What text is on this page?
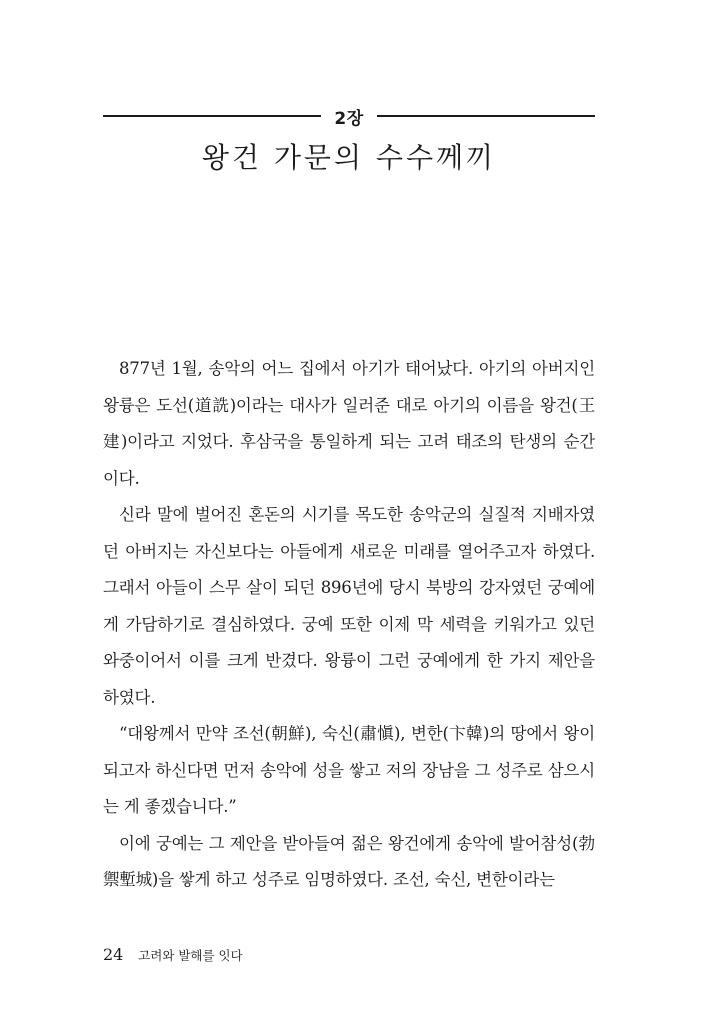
2장
왕건 가문의 수수께끼

877년 1월, 송악의 어느 집에서 아기가 태어났다. 아기의 아버지인 왕륭은 도선(道詵)이라는 대사가 일러준 대로 아기의 이름을 왕건(王建)이라고 지었다. 후삼국을 통일하게 되는 고려 태조의 탄생의 순간이다.

신라 말에 벌어진 혼돈의 시기를 목도한 송악군의 실질적 지배자였던 아버지는 자신보다는 아들에게 새로운 미래를 열어주고자 하였다. 그래서 아들이 스무 살이 되던 896년에 당시 북방의 강자였던 궁예에게 가담하기로 결심하였다. 궁예 또한 이제 막 세력을 키워가고 있던 와중이어서 이를 크게 반겼다. 왕륭이 그런 궁예에게 한 가지 제안을 하였다.

“대왕께서 만약 조선(朝鮮), 숙신(肅愼), 변한(卞韓)의 땅에서 왕이 되고자 하신다면 먼저 송악에 성을 쌓고 저의 장남을 그 성주로 삼으시는 게 좋겠습니다.”

이에 궁예는 그 제안을 받아들여 젊은 왕건에게 송악에 발어참성(勃禦塹城)을 쌓게 하고 성주로 임명하였다. 조선, 숙신, 변한이라는

24 고려와 발해를 잇다
